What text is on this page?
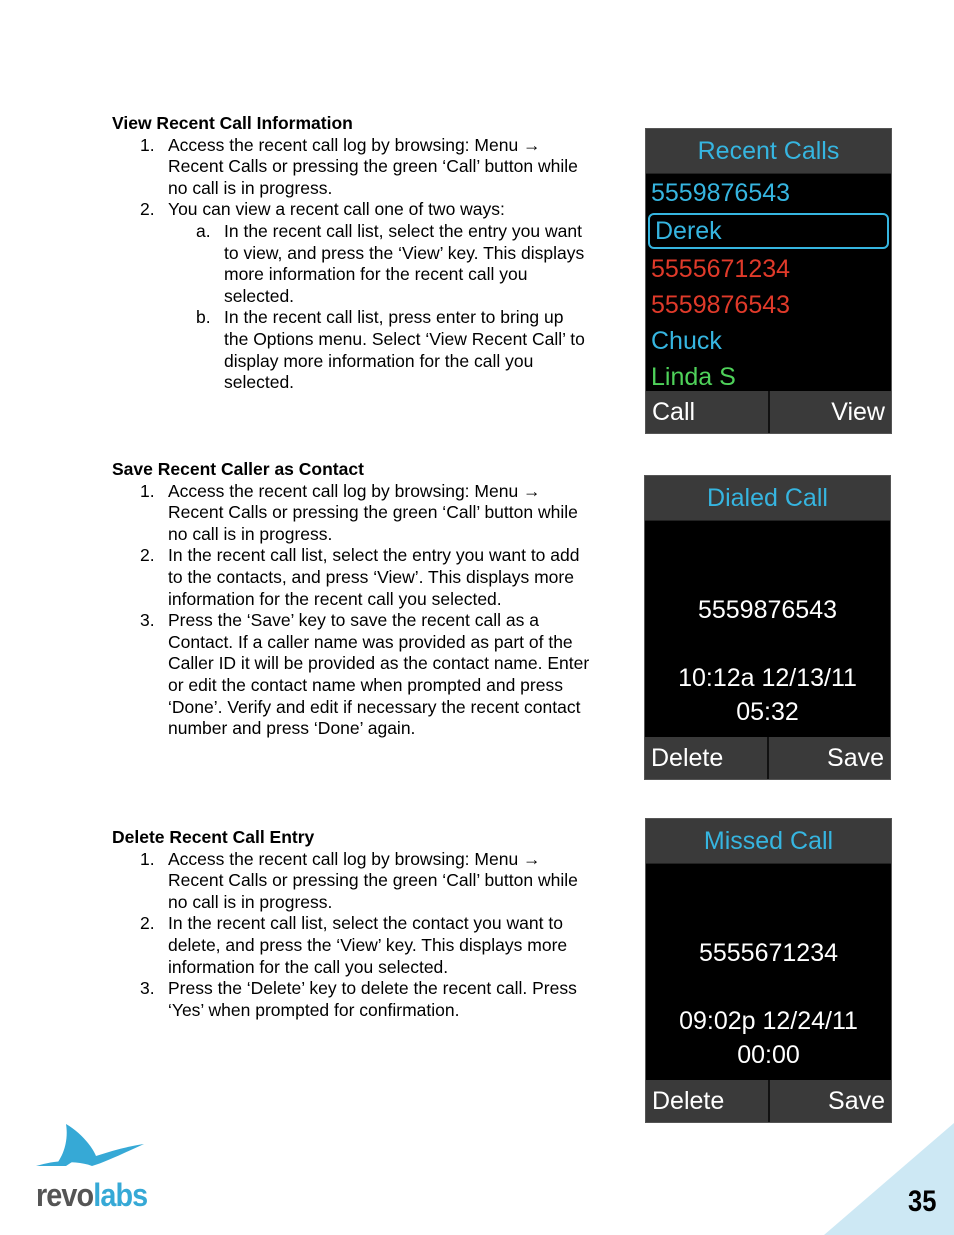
View Recent Call Information
1. Access the recent call log by browsing: Menu → Recent Calls or pressing the green ‘Call’ button while no call is in progress.
2. You can view a recent call one of two ways:
a. In the recent call list, select the entry you want to view, and press the ‘View’ key. This displays more information for the recent call you selected.
b. In the recent call list, press enter to bring up the Options menu. Select ‘View Recent Call’ to display more information for the call you selected.
Save Recent Caller as Contact
1. Access the recent call log by browsing: Menu → Recent Calls or pressing the green ‘Call’ button while no call is in progress.
2. In the recent call list, select the entry you want to add to the contacts, and press ‘View’. This displays more information for the recent call you selected.
3. Press the ‘Save’ key to save the recent call as a Contact. If a caller name was provided as part of the Caller ID it will be provided as the contact name. Enter or edit the contact name when prompted and press ‘Done’. Verify and edit if necessary the recent contact number and press ‘Done’ again.
Delete Recent Call Entry
1. Access the recent call log by browsing: Menu → Recent Calls or pressing the green ‘Call’ button while no call is in progress.
2. In the recent call list, select the contact you want to delete, and press the ‘View’ key. This displays more information for the call you selected.
3. Press the ‘Delete’ key to delete the recent call. Press ‘Yes’ when prompted for confirmation.
Recent Calls
5559876543
Derek
5555671234
5559876543
Chuck
Linda S
Call	View
Dialed Call
5559876543
10:12a 12/13/11
05:32
Delete	Save
Missed Call
5555671234
09:02p 12/24/11
00:00
Delete	Save
revolabs	35
